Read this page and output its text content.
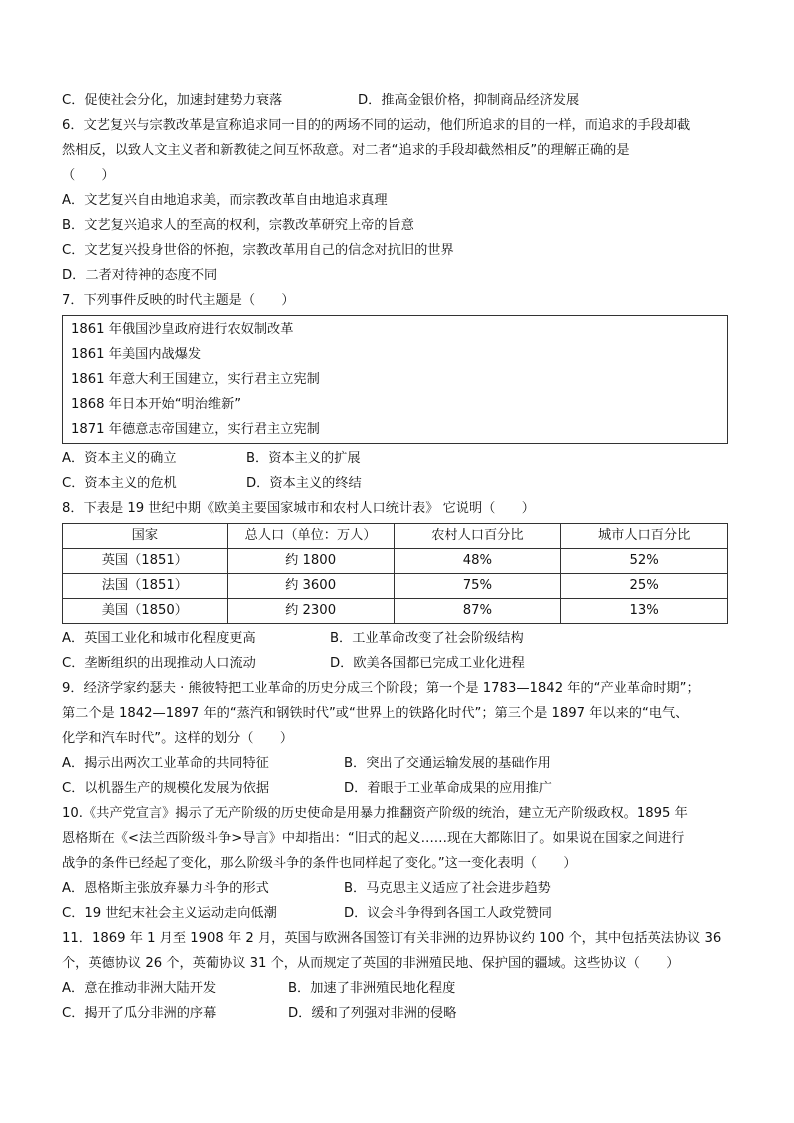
C．促使社会分化，加速封建势力衰落	D．推高金银价格，抑制商品经济发展
6．文艺复兴与宗教改革是宣称追求同一目的的两场不同的运动，他们所追求的目的一样，而追求的手段却截
然相反，以致人文主义者和新教徒之间互怀敌意。对二者“追求的手段却截然相反”的理解正确的是
（　　）
A．文艺复兴自由地追求美，而宗教改革自由地追求真理
B．文艺复兴追求人的至高的权利，宗教改革研究上帝的旨意
C．文艺复兴投身世俗的怀抱，宗教改革用自己的信念对抗旧的世界
D．二者对待神的态度不同
7．下列事件反映的时代主题是（　　）
1861 年俄国沙皇政府进行农奴制改革
1861 年美国内战爆发
1861 年意大利王国建立，实行君主立宪制
1868 年日本开始“明治维新”
1871 年德意志帝国建立，实行君主立宪制
A．资本主义的确立	B．资本主义的扩展
C．资本主义的危机	D．资本主义的终结
8．下表是 19 世纪中期《欧美主要国家城市和农村人口统计表》 它说明（　　）
国家	总人口（单位：万人）	农村人口百分比	城市人口百分比
英国（1851）	约 1800	48%	52%
法国（1851）	约 3600	75%	25%
美国（1850）	约 2300	87%	13%
A．英国工业化和城市化程度更高	B．工业革命改变了社会阶级结构
C．垄断组织的出现推动人口流动	D．欧美各国都已完成工业化进程
9．经济学家约瑟夫 · 熊彼特把工业革命的历史分成三个阶段；第一个是 1783—1842 年的“产业革命时期”；
第二个是 1842—1897 年的“蒸汽和钢铁时代”或“世界上的铁路化时代”；第三个是 1897 年以来的“电气、
化学和汽车时代”。这样的划分（　　）
A．揭示出两次工业革命的共同特征	B．突出了交通运输发展的基础作用
C．以机器生产的规模化发展为依据	D．着眼于工业革命成果的应用推广
10.《共产党宣言》揭示了无产阶级的历史使命是用暴力推翻资产阶级的统治，建立无产阶级政权。1895 年
恩格斯在《<法兰西阶级斗争>导言》中却指出：“旧式的起义……现在大都陈旧了。如果说在国家之间进行
战争的条件已经起了变化，那么阶级斗争的条件也同样起了变化。”这一变化表明（　　）
A．恩格斯主张放弃暴力斗争的形式	B．马克思主义适应了社会进步趋势
C．19 世纪末社会主义运动走向低潮	D．议会斗争得到各国工人政党赞同
11．1869 年 1 月至 1908 年 2 月，英国与欧洲各国签订有关非洲的边界协议约 100 个，其中包括英法协议 36
个，英德协议 26 个，英葡协议 31 个，从而规定了英国的非洲殖民地、保护国的疆域。这些协议（　　）
A．意在推动非洲大陆开发	B．加速了非洲殖民地化程度
C．揭开了瓜分非洲的序幕	D．缓和了列强对非洲的侵略
